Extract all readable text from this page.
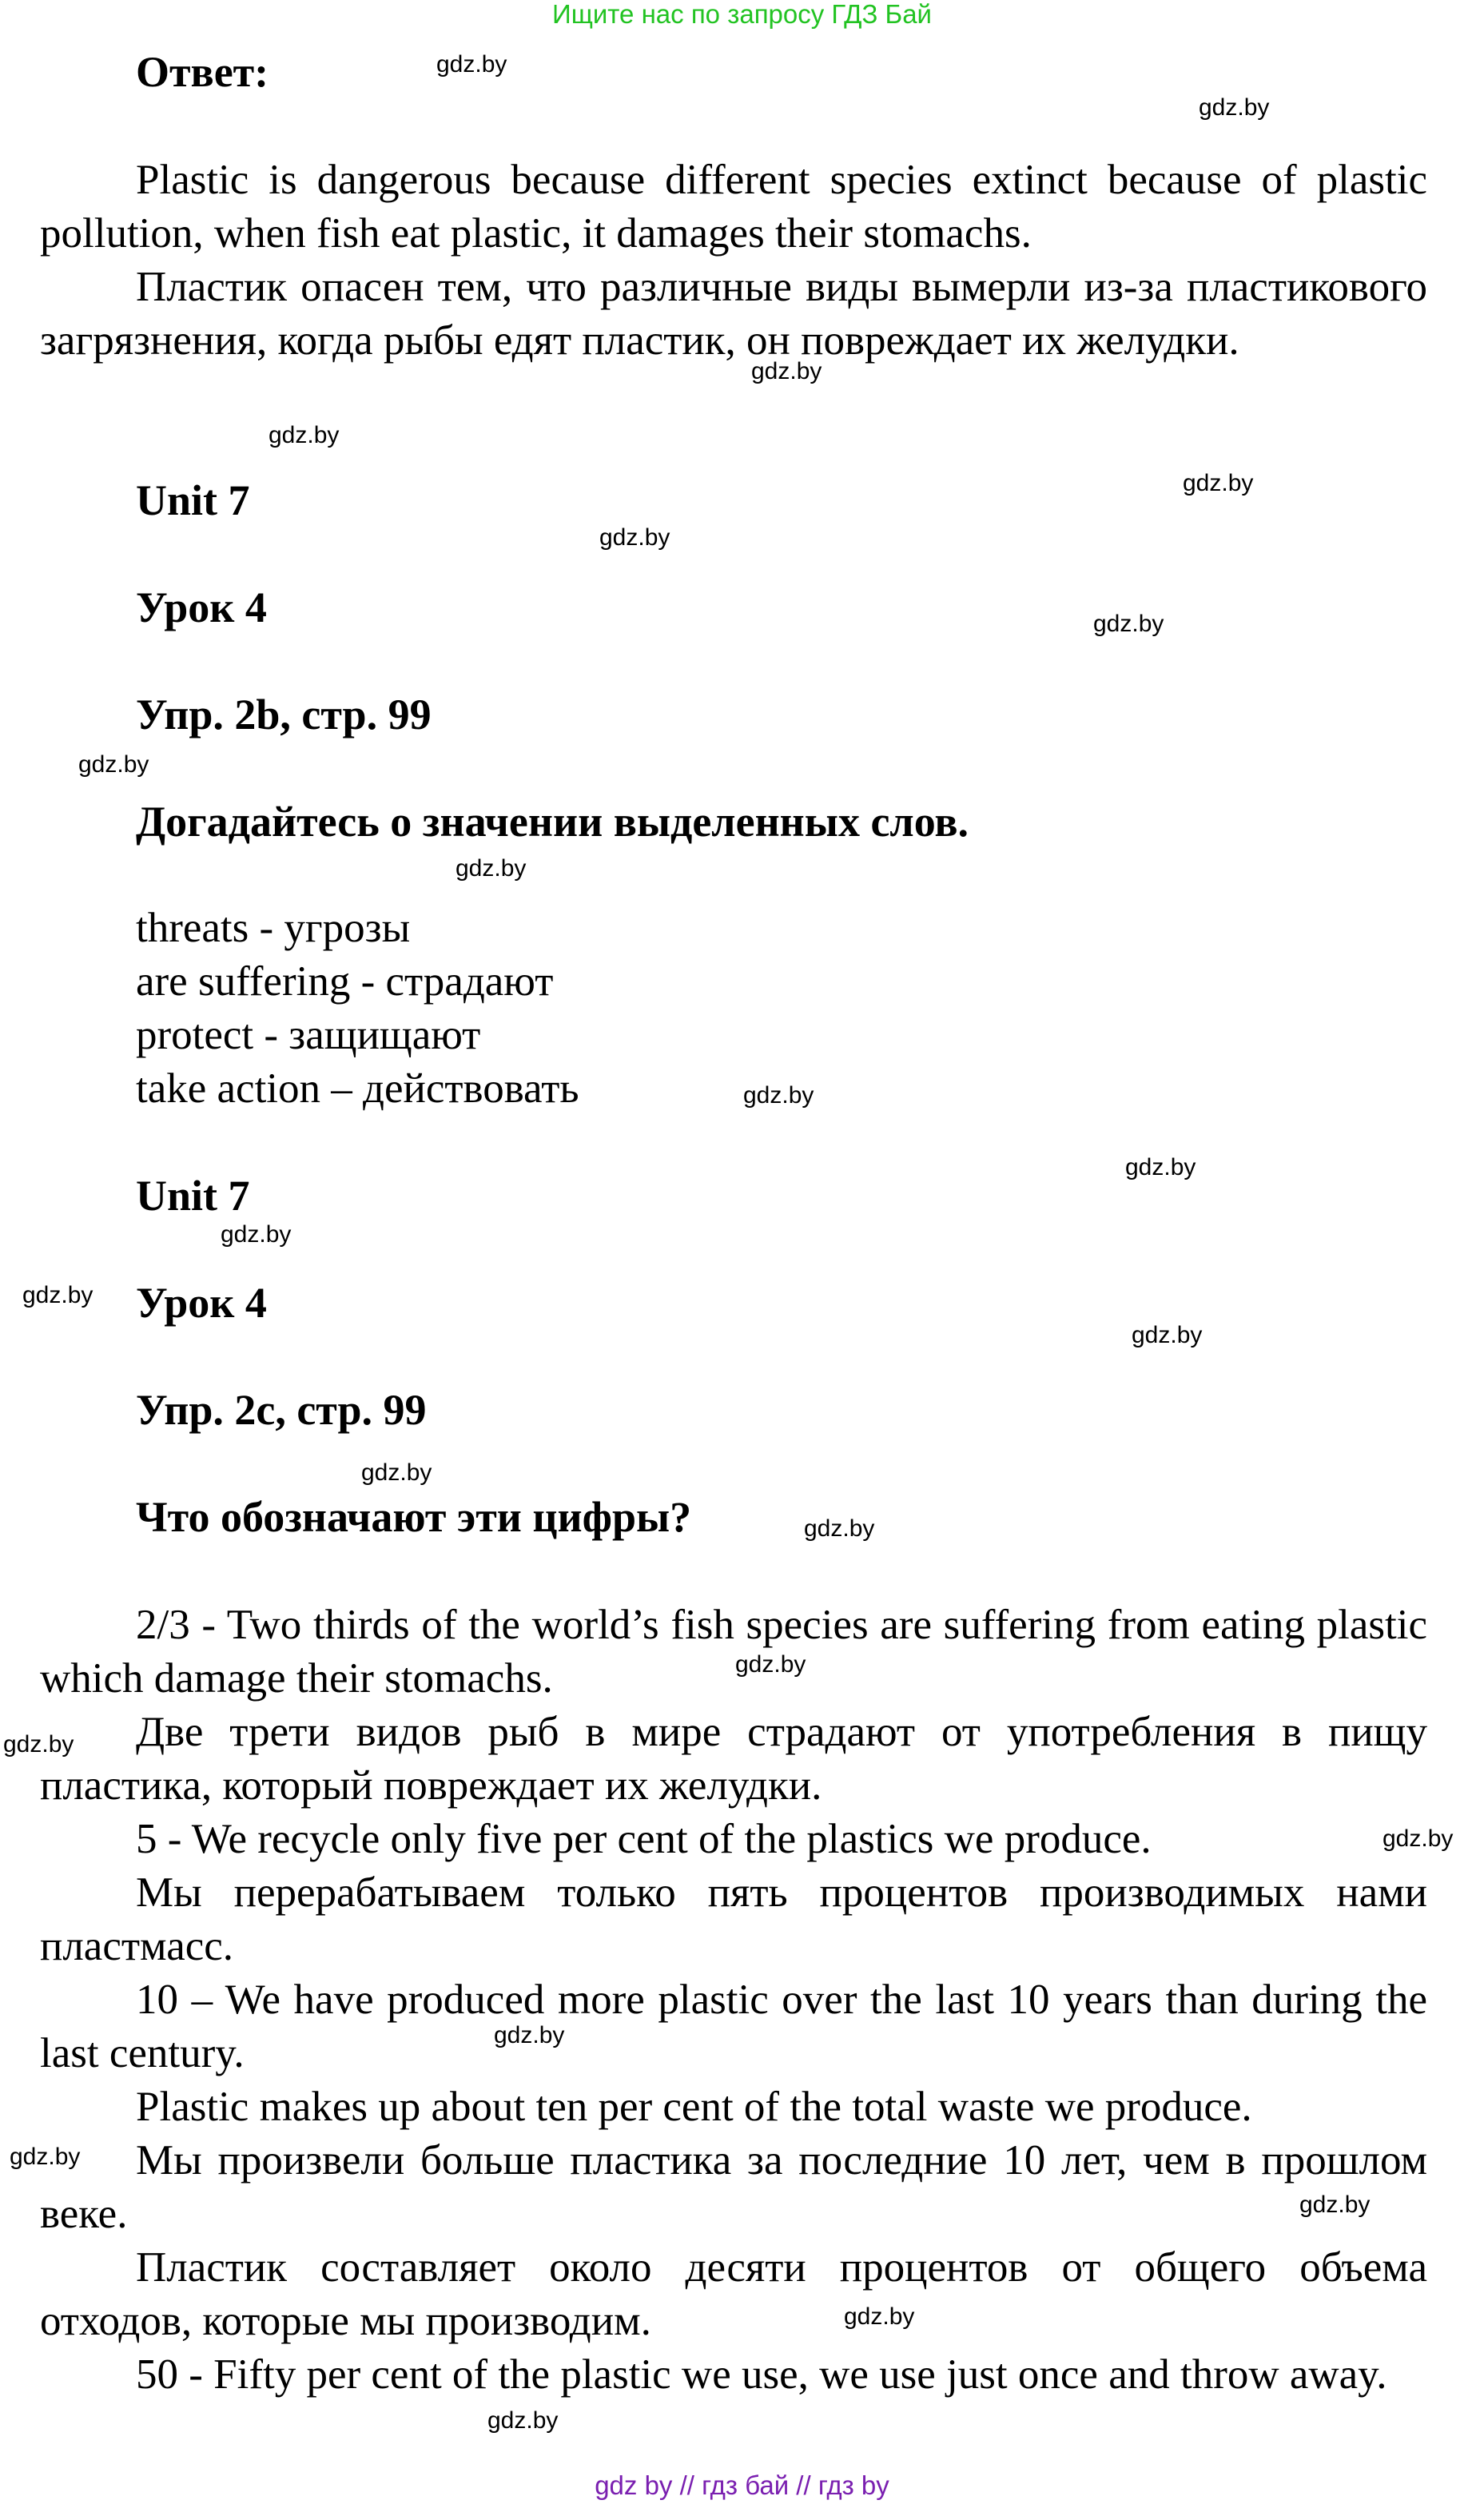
Ищите нас по запросу ГДЗ Бай
Ответ:

Plastic is dangerous because different species extinct because of plastic pollution, when fish eat plastic, it damages their stomachs.

Пластик опасен тем, что различные виды вымерли из-за пластикового загрязнения, когда рыбы едят пластик, он повреждает их желудки.

Unit 7
Урок 4
Упр. 2b, стр. 99
Догадайтесь о значении выделенных слов.
threats - угрозы
are suffering - страдают
protect - защищают
take action – действовать
Unit 7
Урок 4
Упр. 2c, стр. 99
Что обозначают эти цифры?

2/3 - Two thirds of the world’s fish species are suffering from eating plastic which damage their stomachs.

Две трети видов рыб в мире страдают от употребления в пищу пластика, который повреждает их желудки.

5 - We recycle only five per cent of the plastics we produce.

Мы перерабатываем только пять процентов производимых нами пластмасс.

10 – We have produced more plastic over the last 10 years than during the last century.

Plastic makes up about ten per cent of the total waste we produce.

Мы произвели больше пластика за последние 10 лет, чем в прошлом веке.

Пластик составляет около десяти процентов от общего объема отходов, которые мы производим.

50 - Fifty per cent of the plastic we use, we use just once and throw away.

gdz.by
gdz.by
gdz.by
gdz.by
gdz.by
gdz.by
gdz.by
gdz.by
gdz.by
gdz.by
gdz.by
gdz.by
gdz.by
gdz.by
gdz.by
gdz.by
gdz.by
gdz.by
gdz.by
gdz.by
gdz.by
gdz.by
gdz.by
gdz.by
gdz by // гдз бай // гдз by
